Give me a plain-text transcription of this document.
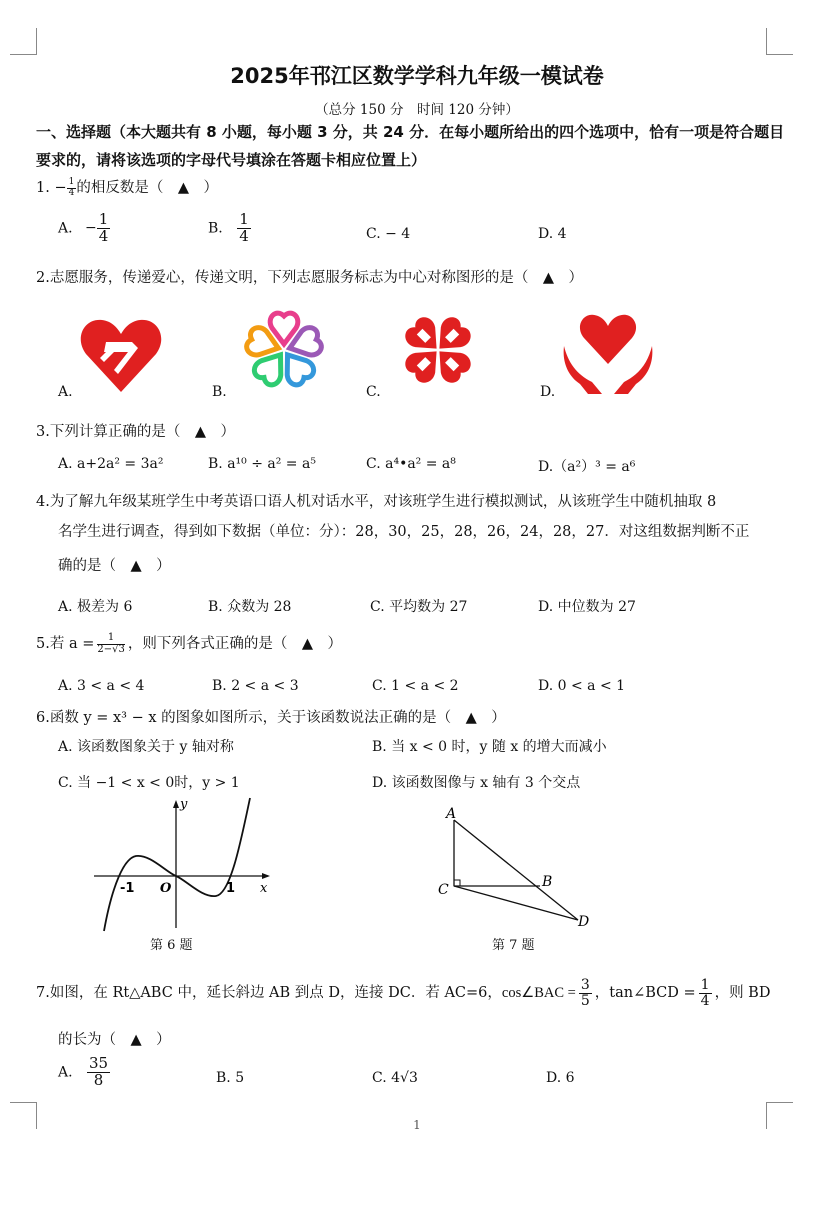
2025年邗江区数学学科九年级一模试卷
（总分 150 分　时间 120 分钟）
一、选择题（本大题共有 8 小题，每小题 3 分，共 24 分．在每小题所给出的四个选项中，恰有一项是符合题目要求的，请将该选项的字母代号填涂在答题卡相应位置上）
1. − $\frac{1}{4}$ 的相反数是（　▲　）
A. − $\frac{1}{4}$	B. $\frac{1}{4}$	C. − 4	D. 4
2.志愿服务，传递爱心，传递文明，下列志愿服务标志为中心对称图形的是（　▲　）
A.	B.	C.	D.
3.下列计算正确的是（　▲　）
A. a+2a² = 3a²	B. a¹⁰ ÷ a² = a⁵	C. a⁴•a² = a⁸	D.（a²）³ = a⁶
4.为了解九年级某班学生中考英语口语人机对话水平，对该班学生进行模拟测试，从该班学生中随机抽取 8
名学生进行调查，得到如下数据（单位：分）：28，30，25，28，26，24，28，27．对这组数据判断不正
确的是（　▲　）
A. 极差为 6	B. 众数为 28	C. 平均数为 27	D. 中位数为 27
5.若 $a = \frac{1}{2-√3}$ ，则下列各式正确的是（　▲　）
A. 3 < a < 4	B. 2 < a < 3	C. 1 < a < 2	D. 0 < a < 1
6.函数 y = x³ − x 的图象如图所示，关于该函数说法正确的是（　▲　）
A. 该函数图象关于 y 轴对称	B. 当 x < 0 时，y 随 x 的增大而减小
C. 当 −1 < x < 0时，y > 1	D. 该函数图像与 x 轴有 3 个交点
x
y
O
-1	1
第 6 题
A
B
C
D
第 7 题
7.如图，在 Rt△ABC 中，延长斜边 AB 到点 D，连接 DC．若 AC=6，cos∠BAC = $\frac{3}{5}$ ，tan∠BCD = $\frac{1}{4}$ ，则 BD
的长为（　▲　）
A. $\frac{35}{8}$	B. 5	C. 4√3	D. 6
1
